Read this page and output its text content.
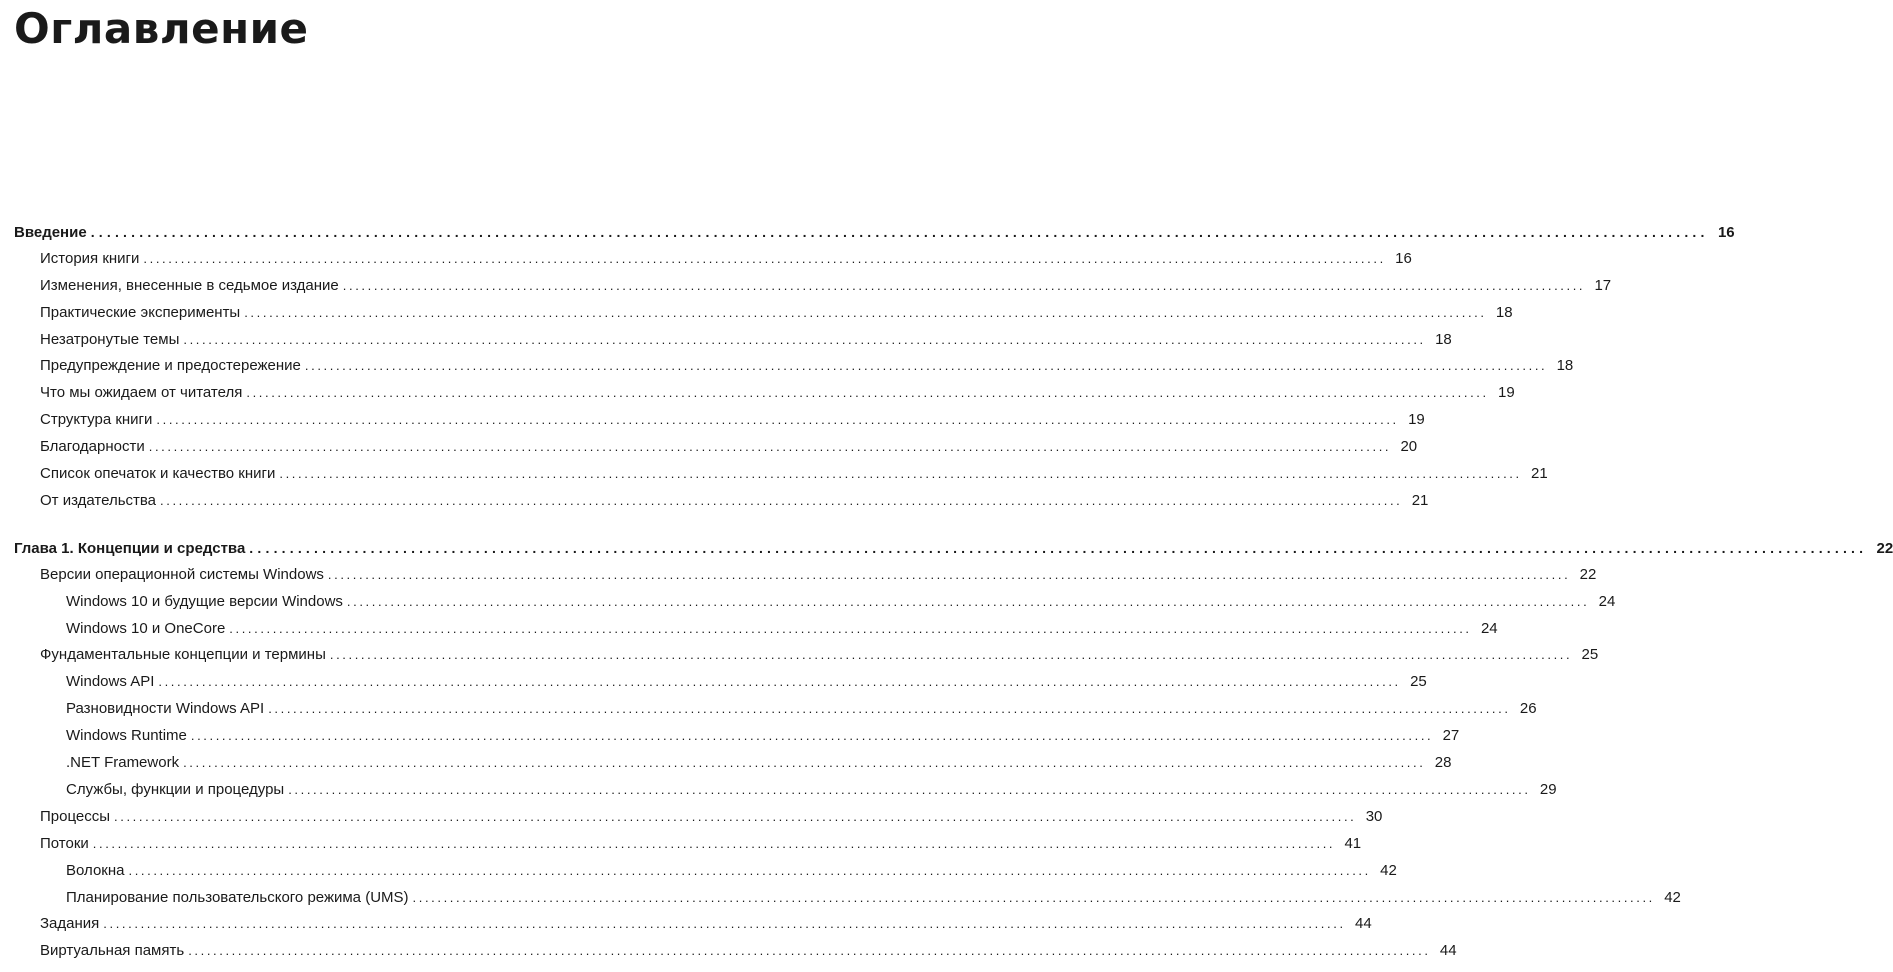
Оглавление
Введение ........................................................................................................................................................................................................ 16
История книги ........................................................................................................................................................................................................ 16
Изменения, внесенные в седьмое издание ........................................................................................................................................................................................................ 17
Практические эксперименты ........................................................................................................................................................................................................ 18
Незатронутые темы ........................................................................................................................................................................................................ 18
Предупреждение и предостережение ........................................................................................................................................................................................................ 18
Что мы ожидаем от читателя ........................................................................................................................................................................................................ 19
Структура книги ........................................................................................................................................................................................................ 19
Благодарности ........................................................................................................................................................................................................ 20
Список опечаток и качество книги ........................................................................................................................................................................................................ 21
От издательства ........................................................................................................................................................................................................ 21
Глава 1. Концепции и средства ........................................................................................................................................................................................................ 22
Версии операционной системы Windows ........................................................................................................................................................................................................ 22
Windows 10 и будущие версии Windows ........................................................................................................................................................................................................ 24
Windows 10 и OneCore ........................................................................................................................................................................................................ 24
Фундаментальные концепции и термины ........................................................................................................................................................................................................ 25
Windows API ........................................................................................................................................................................................................ 25
Разновидности Windows API ........................................................................................................................................................................................................ 26
Windows Runtime ........................................................................................................................................................................................................ 27
.NET Framework ........................................................................................................................................................................................................ 28
Службы, функции и процедуры ........................................................................................................................................................................................................ 29
Процессы ........................................................................................................................................................................................................ 30
Потоки ........................................................................................................................................................................................................ 41
Волокна ........................................................................................................................................................................................................ 42
Планирование пользовательского режима (UMS) ........................................................................................................................................................................................................ 42
Задания ........................................................................................................................................................................................................ 44
Виртуальная память ........................................................................................................................................................................................................ 44
